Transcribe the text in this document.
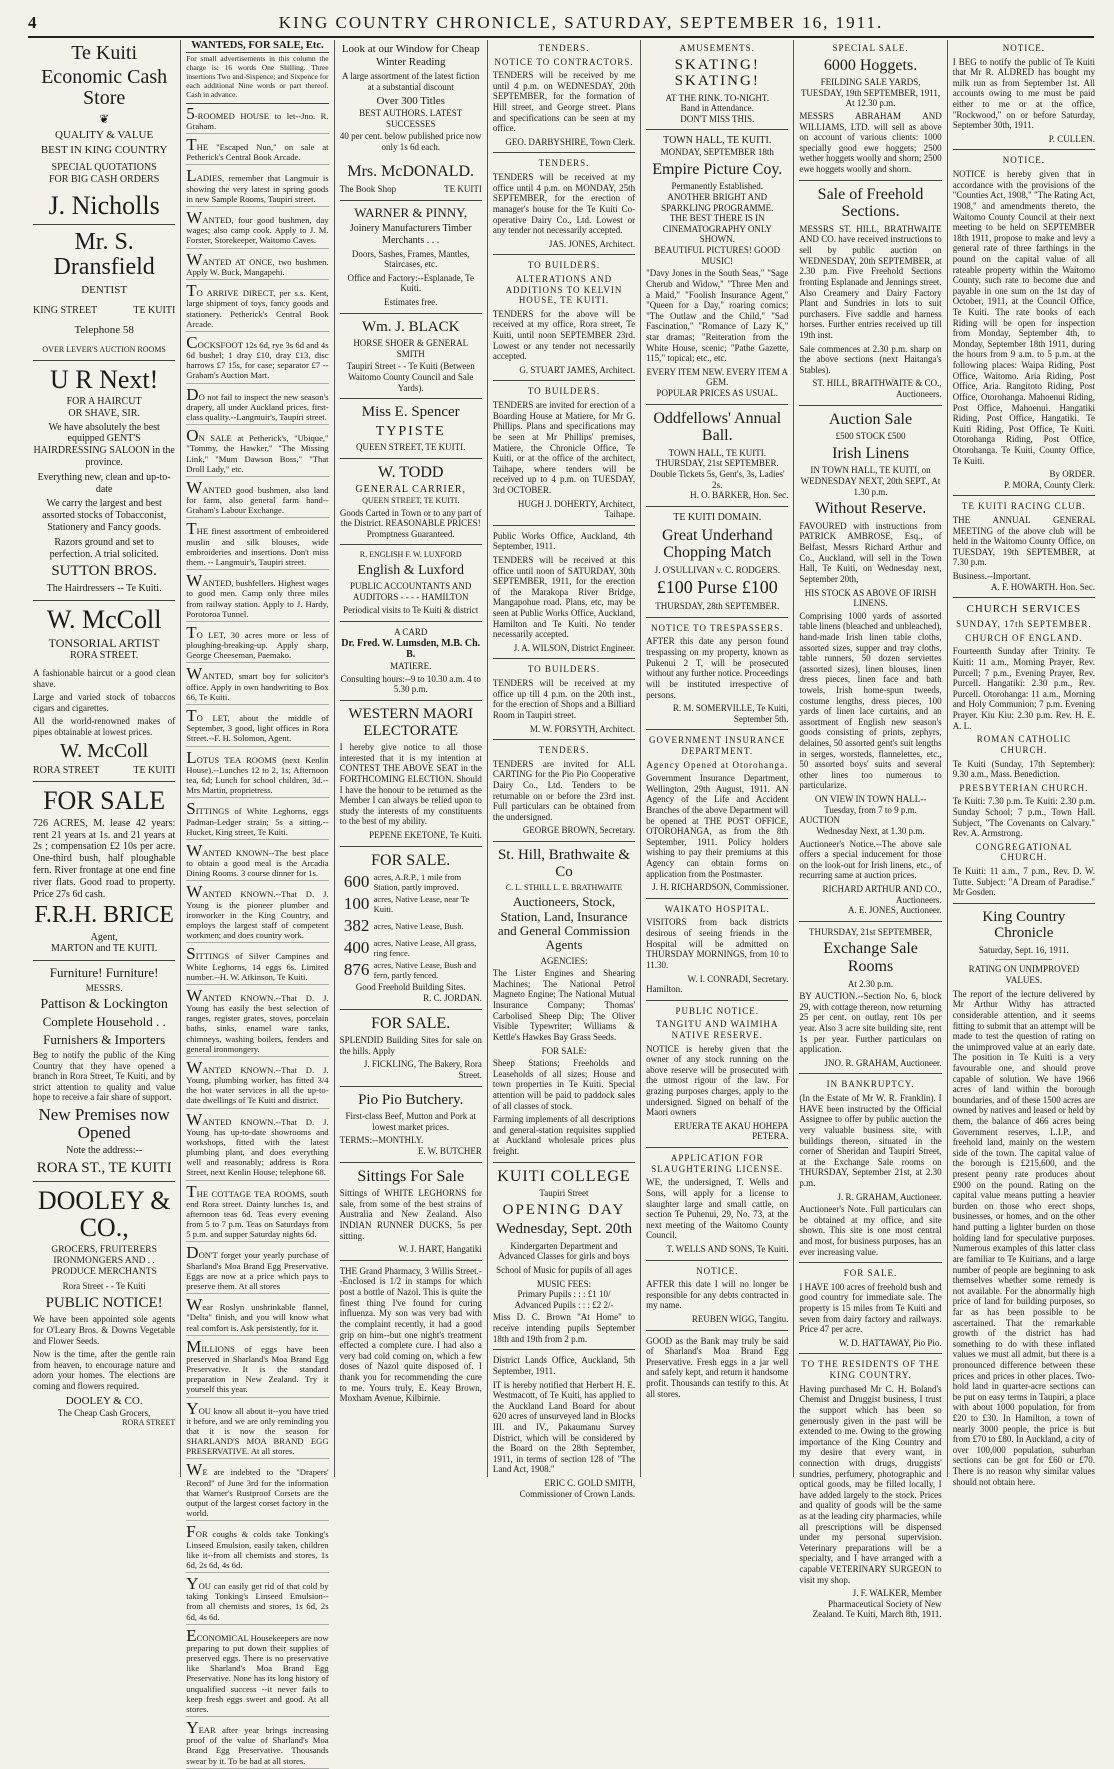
4	KING COUNTRY CHRONICLE, SATURDAY, SEPTEMBER 16, 1911.
Te Kuiti
Economic Cash Store
❦
QUALITY & VALUE
BEST IN KING COUNTRY
SPECIAL QUOTATIONS
FOR BIG CASH ORDERS
J. Nicholls
Mr. S. Dransfield
DENTIST
KING STREET	TE KUITI
Telephone 58
OVER LEVER'S AUCTION ROOMS
U R Next!
FOR A HAIRCUT
OR SHAVE, SIR.

We have absolutely the best equipped GENT'S HAIRDRESSING SALOON in the province.

Everything new, clean and up-to-date

We carry the largest and best assorted stocks of Tobacconist, Stationery and Fancy goods.

Razors ground and set to perfection. A trial solicited.

SUTTON BROS.
The Hairdressers -- Te Kuiti.
W. McColl
TONSORIAL ARTIST
RORA STREET.

A fashionable haircut or a good clean shave.

Large and varied stock of tobaccos cigars and cigarettes.

All the world-renowned makes of pipes obtainable at lowest prices.

W. McColl
RORA STREET	TE KUITI
FOR SALE

726 ACRES, M. lease 42 years: rent 21 years at 1s. and 21 years at 2s ; compensation £2 10s per acre. One-third bush, half ploughable fern. River frontage at one end fine river flats. Good road to property. Price 27s 6d cash.

F.R.H. BRICE
Agent,
MARTON and TE KUITI.
Furniture! Furniture!
MESSRS.
Pattison & Lockington
Complete Household . .
Furnishers & Importers

Beg to notify the public of the King Country that they have opened a branch in Rora Street, Te Kuiti, and by strict attention to quality and value hope to receive a fair share of support.

New Premises now Opened
Note the address:--
RORA ST., TE KUITI
DOOLEY & CO.,
GROCERS, FRUITERERS IRONMONGERS AND . . PRODUCE MERCHANTS
Rora Street - - Te Kuiti
PUBLIC NOTICE!

We have been appointed sole agents for O'Leary Bros. & Downs Vegetable and Flower Seeds.

Now is the time, after the gentle rain from heaven, to encourage nature and adorn your homes. The elections are coming and flowers required.

DOOLEY & CO.
The Cheap Cash Grocers,
RORA STREET
WANTEDS, FOR SALE, Etc.

For small advertisements in this column the charge is: 16 words One Shilling. Three insertions Two and-Sixpence; and Sixpence for each additional Nine words or part thereof. Cash in advance.

5-ROOMED HOUSE to let--Jno. R. Graham.

THE "Escaped Nun," on sale at Petherick's Central Book Arcade.

LADIES, remember that Langmuir is showing the very latest in spring goods in new Sample Rooms, Taupiri street.

WANTED, four good bushmen, day wages; also camp cook. Apply to J. M. Forster, Storekeeper, Waitomo Caves.

WANTED AT ONCE, two bushmen. Apply W. Buck, Mangapehi.

TO ARRIVE DIRECT, per s.s. Kent, large shipment of toys, fancy goods and stationery. Petherick's Central Book Arcade.

COCKSFOOT 12s 6d, rye 3s 6d and 4s 6d bushel; 1 dray £10, dray £13, disc harrows £7 15s, for case; separator £7 -- Graham's Auction Mart.

DO not fail to inspect the new season's drapery, all under Auckland prices, first-class quality.--Langmuir's, Taupiri street.

ON SALE at Petherick's, "Ubique," "Tommy, the Hawker," "The Missing Link," "Mum Dawson Boss," "That Droll Lady," etc.

WANTED good bushmen, also land for farm, also general farm hand--Graham's Labour Exchange.

THE finest assortment of embroidered muslin and silk blouses, wide embroideries and insertions. Don't miss them. -- Langmuir's, Taupiri street.

WANTED, bushfellers. Highest wages to good men. Camp only three miles from railway station. Apply to J. Hardy, Porotorоa Tunnel.

TO LET, 30 acres more or less of ploughing-breaking-up. Apply sharp, George Cheeseman, Paemako.

WANTED, smart boy for solicitor's office. Apply in own handwriting to Box 66, Te Kuiti.

TO LET, about the middle of September, 3 good, light offices in Rora Street.--F. H. Solomon, Agent.

LOTUS TEA ROOMS (next Kenlin House).--Lunches 12 to 2, 1s; Afternoon tea, 6d; Lunch for school children, 3d.--Mrs Martin, proprietress.

SITTINGS of White Leghorns, eggs Padman-Ledger strain; 5s a sitting.--Hucket, King street, Te Kuiti.

WANTED KNOWN--The best place to obtain a good meal is the Arcadia Dining Rooms. 3 course dinner for 1s.

WANTED KNOWN.--That D. J. Young is the pioneer plumber and ironworker in the King Country, and employs the largest staff of competent workmen; and does country work.

SITTINGS of Silver Campines and White Leghorns, 14 eggs 6s. Limited number.--H. W. Atkinson, Te Kuiti.

WANTED KNOWN.--That D. J. Young has easily the best selection of ranges, register grates, stoves, porcelain baths, sinks, enamel ware tanks, chimneys, washing boilers, fenders and general ironmongery.

WANTED KNOWN.--That D. J. Young, plumbing worker, has fitted 3/4 the hot water services in all the up-to-date dwellings of Te Kuiti and district.

WANTED KNOWN.--That D. J. Young has up-to-date showrooms and workshops, fitted with the latest plumbing plant, and does everything well and reasonably; address is Rora Street, next Kenlin House; telephone 68.

THE COTTAGE TEA ROOMS, south end Rora street. Dainty lunches 1s, and afternoon teas 6d. Teas every evening from 5 to 7 p.m. Teas on Saturdays from 5 p.m. and supper Saturday nights 6d.

DON'T forget your yearly purchase of Sharland's Moa Brand Egg Preservative. Eggs are now at a price which pays to preserve them. At all stores

Wear Roslyn unshrinkable flannel, "Delta" finish, and you will know what real comfort is. Ask persistently, for it.

MILLIONS of eggs have been preserved in Sharland's Moa Brand Egg Preservative. It is the standard preparation in New Zealand. Try it yourself this year.

YOU know all about it--you have tried it before, and we are only reminding you that it is now the season for SHARLAND'S MOA BRAND EGG PRESERVATIVE. At all stores.

WE are indebted to the "Drapers' Record" of June 3rd for the information that Warner's Rustproof Corsets are the output of the largest corset factory in the world.

FOR coughs & colds take Tonking's Linseed Emulsion, easily taken, children like it--from all chemists and stores, 1s 6d, 2s 6d, 4s 6d.

YOU can easily get rid of that cold by taking Tonking's Linseed Emulsion--from all chemists and stores, 1s 6d, 2s 6d, 4s 6d.

ECONOMICAL Housekeepers are now preparing to put down their supplies of preserved eggs. There is no preservative like Sharland's Moa Brand Egg Preservative. None has its long history of unqualified success --it never fails to keep fresh eggs sweet and good. At all stores.

YEAR after year brings increasing proof of the value of Sharland's Moa Brand Egg Preservative. Thousands swear by it. To be had at all stores.

Look at our Window for Cheap Winter Reading

A large assortment of the latest fiction at a substantial discount

Over 300 Titles
BEST AUTHORS. LATEST SUCCESSES

40 per cent. below published price now only 1s 6d each.

Mrs. McDONALD.
The Book Shop	TE KUITI
WARNER & PINNY,
Joinery Manufacturers Timber Merchants . . .

Doors, Sashes, Frames, Mantles, Staircases, etc.

Office and Factory:--Esplanade, Te Kuiti.

Estimates free.
Wm. J. BLACK
HORSE SHOER & GENERAL SMITH

Taupiri Street - - Te Kuiti (Between Waitomo County Council and Sale Yards).

Miss E. Spencer
TYPISTE
QUEEN STREET, TE KUITI.
W. TODD
GENERAL CARRIER,
QUEEN STREET, TE KUITI.

Goods Carted in Town or to any part of the District. REASONABLE PRICES! Promptness Guaranteed.

R. ENGLISH F. W. LUXFORD
English & Luxford
PUBLIC ACCOUNTANTS AND AUDITORS - - - - HAMILTON
Periodical visits to Te Kuiti & district
A CARD
Dr. Fred. W. Lumsden, M.B. Ch. B.
MATIERE.

Consulting hours:--9 to 10.30 a.m. 4 to 5.30 p.m.

WESTERN MAORI ELECTORATE

I hereby give notice to all those interested that it is my intention at CONTEST THE ABOVE SEAT in the FORTHCOMING ELECTION. Should I have the honour to be returned as the Member I can always be relied upon to study the interests of my constituents to the best of my ability.

PEPENE EKETONE, Te Kuiti.
FOR SALE.
600 acres, A.R.P., 1 mile from Station, partly improved.
100 acres, Native Lease, near Te Kuiti.
382 acres, Native Lease, Bush.
400 acres, Native Lease, All grass, ring fence.
876 acres, Native Lease, Bush and fern, partly fenced.
Good Freehold Building Sites.
R. C. JORDAN.
FOR SALE.

SPLENDID Building Sites for sale on the hills. Apply

J. FICKLING, The Bakery, Rora Street.
Pio Pio Butchery.

First-class Beef, Mutton and Pork at lowest market prices.

TERMS:--MONTHLY.
E. W. BUTCHER
Sittings For Sale

Sittings of WHITE LEGHORNS for sale, from some of the best strains of Australia and New Zealand. Also INDIAN RUNNER DUCKS, 5s per sitting.

W. J. HART, Hangatiki

THE Grand Pharmacy, 3 Willis Street.--Enclosed is 1/2 in stamps for which post a bottle of Nazol. This is quite the finest thing I've found for curing influenza. My son was very bad with the complaint recently, it had a good grip on him--but one night's treatment effected a complete cure. I had also a very bad cold coming on, which a few doses of Nazol quite disposed of. I thank you for recommending the cure to me. Yours truly, E. Keay Brown, Moxham Avenue, Kilbirnie.

TENDERS.
NOTICE TO CONTRACTORS.

TENDERS will be received by me until 4 p.m. on WEDNESDAY, 20th SEPTEMBER, for the formation of Hill street, and George street. Plans and specifications can be seen at my office.

GEO. DARBYSHIRE, Town Clerk.
TENDERS.

TENDERS will be received at my office until 4 p.m. on MONDAY, 25th SEPTEMBER, for the erection of manager's house for the Te Kuiti Co-operative Dairy Co., Ltd. Lowest or any tender not necessarily accepted.

JAS. JONES, Architect.
TO BUILDERS.
ALTERATIONS AND ADDITIONS TO KELVIN HOUSE, TE KUITI.

TENDERS for the above will be received at my office, Rora street, Te Kuiti, until noon SEPTEMBER 23rd. Lowest or any tender not necessarily accepted.

G. STUART JAMES, Architect.
TO BUILDERS.

TENDERS are invited for erection of a Boarding House at Matiere, for Mr G. Phillips. Plans and specifications may be seen at Mr Phillips' premises, Matiere, the Chronicle Office, Te Kuiti, or at the office of the architect, Taihape, where tenders will be received up to 4 p.m. on TUESDAY, 3rd OCTOBER.

HUGH J. DOHERTY, Architect, Taihape.

Public Works Office, Auckland, 4th September, 1911.

TENDERS will be received at this office until noon of SATURDAY, 30th SEPTEMBER, 1911, for the erection of the Marakopa River Bridge, Mangapohue road. Plans, etc, may be seen at Public Works Office, Auckland, Hamilton and Te Kuiti. No tender necessarily accepted.

J. A. WILSON, District Engineer.
TO BUILDERS.

TENDERS will be received at my office up till 4 p.m. on the 20th inst., for the erection of Shops and a Billiard Room in Taupiri street.

M. W. FORSYTH, Architect.
TENDERS.

TENDERS are invited for ALL CARTING for the Pio Pio Cooperative Dairy Co., Ltd. Tenders to be returnable on or before the 23rd inst. Full particulars can be obtained from the undersigned.

GEORGE BROWN, Secretary.
St. Hill, Brathwaite & Co
C. L. STHILL L. E. BRATHWAITE
Auctioneers, Stock, Station, Land, Insurance and General Commission Agents
AGENCIES:

The Lister Engines and Shearing Machines; The National Petrol Magneto Engine; The National Mutual Insurance Company; Thomas' Carbolised Sheep Dip; The Oliver Visible Typewriter; Williams & Kettle's Hawkes Bay Grass Seeds.

FOR SALE:

Sheep Stations; Freeholds and Leaseholds of all sizes; House and town properties in Te Kuiti. Special attention will be paid to paddock sales of all classes of stock.

Farming implements of all descriptions and general-station requisites supplied at Auckland wholesale prices plus freight.

KUITI COLLEGE
Taupiri Street
OPENING DAY
Wednesday, Sept. 20th

Kindergarten Department and Advanced Classes for girls and boys

School of Music for pupils of all ages

MUSIC FEES:
Primary Pupils : : : £1 10/
Advanced Pupils : : : £2 2/-

Miss D. C. Brown "At Home" to receive intending pupils September 18th and 19th from 2 p.m.

District Lands Office, Auckland, 5th September, 1911.

IT is hereby notified that Herbert H. E. Westmacott, of Te Kuiti, has applied to the Auckland Land Board for about 620 acres of unsurveyed land in Blocks III. and IV., Pakaumanu Survey District, which will be considered by the Board on the 28th September, 1911, in terms of section 128 of "The Land Act, 1908."

ERIC C. GOLD SMITH, Commissioner of Crown Lands.
AMUSEMENTS.
SKATING! SKATING!
AT THE RINK. TO-NIGHT.
Band in Attendance.
DON'T MISS THIS.
TOWN HALL, TE KUITI.
MONDAY, SEPTEMBER 18th
Empire Picture Coy.
Permanently Established.
ANOTHER BRIGHT AND SPARKLING PROGRAMME.
THE BEST THERE IS IN CINEMATOGRAPHY ONLY SHOWN.
BEAUTIFUL PICTURES! GOOD MUSIC!

"Davy Jones in the South Seas," "Sage Cherub and Widow," "Three Men and a Maid," "Foolish Insurance Agent," "Queen for a Day," roaring comics; "The Outlaw and the Child," "Sad Fascination," "Romance of Lazy K," star dramas; "Reiteration from the White House, scenic; "Pathe Gazette, 115," topical; etc., etc.

EVERY ITEM NEW. EVERY ITEM A GEM.
POPULAR PRICES AS USUAL.
Oddfellows' Annual Ball.
TOWN HALL, TE KUITI.
THURSDAY, 21st SEPTEMBER.
Double Tickets 5s, Gent's, 3s, Ladies' 2s.
H. O. BARKER, Hon. Sec.
TE KUITI DOMAIN.
Great Underhand Chopping Match
J. O'SULLIVAN v. C. RODGERS.
£100 Purse £100
THURSDAY, 28th SEPTEMBER.
NOTICE TO TRESPASSERS.

AFTER this date any person found trespassing on my property, known as Pukenui 2 T, will be prosecuted without any further notice. Proceedings will be instituted irrespective of persons.

R. M. SOMERVILLE, Te Kuiti, September 5th.
GOVERNMENT INSURANCE DEPARTMENT.
Agency Opened at Otorohanga.

Government Insurance Department, Wellington, 29th August, 1911. AN Agency of the Life and Accident Branches of the above Department will be opened at THE POST OFFICE, OTOROHANGA, as from the 8th September, 1911. Policy holders wishing to pay their premiums at this Agency can obtain forms on application from the Postmaster.

J. H. RICHARDSON, Commissioner.
WAIKATO HOSPITAL.

VISITORS from back districts desirous of seeing friends in the Hospital will be admitted on THURSDAY MORNINGS, from 10 to 11.30.

W. I. CONRADI, Secretary.
Hamilton.
PUBLIC NOTICE.
TANGITU AND WAIMIHA NATIVE RESERVE.

NOTICE is hereby given that the owner of any stock running on the above reserve will be prosecuted with the utmost rigour of the law. For grazing purposes charges, apply to the undersigned. Signed on behalf of the Maori owners

ERUERA TE AKAU HOHEPA PETERA.
APPLICATION FOR SLAUGHTERING LICENSE.

WE, the undersigned, T. Wells and Sons, will apply for a license to slaughter large and small cattle, on section Te Puhenui, 29, No. 73, at the next meeting of the Waitomo County Council.

T. WELLS AND SONS, Te Kuiti.
NOTICE.

AFTER this date I will no longer be responsible for any debts contracted in my name.

REUBEN WIGG, Tangitu.

GOOD as the Bank may truly be said of Sharland's Moa Brand Egg Preservative. Fresh eggs in a jar well and safely kept, and return it handsome profit. Thousands can testify to this. At all stores.

SPECIAL SALE.
6000 Hoggets.
FEILDING SALE YARDS,
TUESDAY, 19th SEPTEMBER, 1911,
At 12.30 p.m.

MESSRS ABRAHAM AND WILLIAMS, LTD. will sell as above on account of various clients: 1000 specially good ewe hoggets; 2500 wether hoggets woolly and shorn; 2500 ewe hoggets woolly and shorn.

Sale of Freehold Sections.

MESSRS ST. HILL, BRATHWAITE AND CO. have received instructions to sell by public auction on WEDNESDAY, 20th SEPTEMBER, at 2.30 p.m. Five Freehold Sections fronting Esplanade and Jennings street. Also Creamery and Dairy Factory Plant and Sundries in lots to suit purchasers. Five saddle and harness horses. Further entries received up till 19th inst.

Sale commences at 2.30 p.m. sharp on the above sections (next Haitanga's Stables).

ST. HILL, BRAITHWAITE & CO., Auctioneers.
Auction Sale
£500 STOCK £500
Irish Linens
IN TOWN HALL, TE KUITI, on
WEDNESDAY NEXT, 20th SEPT., At 1.30 p.m.
Without Reserve.

FAVOURED with instructions from PATRICK AMBROSE, Esq., of Belfast, Messrs Richard Arthur and Co., Auckland, will sell in the Town Hall, Te Kuiti, on Wednesday next, September 20th,

HIS STOCK AS ABOVE OF IRISH LINENS.

Comprising 1000 yards of assorted table linens (bleached and unbleached), hand-made Irish linen table cloths, assorted sizes, supper and tray cloths, table runners, 50 dozen serviettes (assorted sizes), linen blouses, linen dress pieces, linen face and bath towels, Irish home-spun tweeds, costume lengths, dress pieces, 100 yards of linen lace curtains, and an assortment of English new season's goods consisting of prints, zephyrs, delaines, 50 assorted gent's suit lengths in serges, worsteds, flannelettes, etc., 50 assorted boys' suits and several other lines too numerous to particularize.

ON VIEW IN TOWN HALL-- Tuesday, from 7 to 9 p.m.
AUCTION
Wednesday Next, at 1.30 p.m.

Auctioneer's Notice.--The above sale offers a special inducement for those on the look-out for Irish linens, etc., of recurring same at auction prices.

RICHARD ARTHUR AND CO., Auctioneers.
A. E. JONES, Auctioneer.
THURSDAY, 21st SEPTEMBER,
Exchange Sale Rooms
At 2.30 p.m.

BY AUCTION.--Section No. 6, block 29, with cottage thereon, now returning 25 per cent. on outlay, rent 10s per year. Also 3 acre site building site, rent 1s per year. Further particulars on application.

JNO. R. GRAHAM, Auctioneer.
IN BANKRUPTCY.

(In the Estate of Mr W. R. Franklin). I HAVE been instructed by the Official Assignee to offer by public auction the very valuable business site, with buildings thereon, situated in the corner of Sheridan and Taupiri Street, at the Exchange Sale rooms on THURSDAY, September 21st, at 2.30 p.m.

J. R. GRAHAM, Auctioneer.

Auctioneer's Note. Full particulars can be obtained at my office, and site shown. This site is one most central and most, for business purposes, has an ever increasing value.

FOR SALE.

I HAVE 100 acres of freehold bush and good country for immediate sale. The property is 15 miles from Te Kuiti and seven from dairy factory and railways. Price 47 per acre.

W. D. HATTAWAY, Pio Pio.
TO THE RESIDENTS OF THE KING COUNTRY.

Having purchased Mr C. H. Boland's Chemist and Druggist business, I trust the support which has been so generously given in the past will be extended to me. Owing to the growing importance of the King Country and my desire that every want, in connection with drugs, druggists' sundries, perfumery, photographic and optical goods, may be filled locally, I have added largely to the stock. Prices and quality of goods will be the same as at the leading city pharmacies, while all prescriptions will be dispensed under my personal supervision. Veterinary preparations will be a specialty, and I have arranged with a capable VETERINARY SURGEON to visit my shop.

J. F. WALKER, Member Pharmaceutical Society of New Zealand. Te Kuiti, March 8th, 1911.
NOTICE.

I BEG to notify the public of Te Kuiti that Mr R. ALDRED has bought my milk run as from September 1st. All accounts owing to me must be paid either to me or at the office, "Rockwood," on or before Saturday, September 30th, 1911.

P. CULLEN.
NOTICE.

NOTICE is hereby given that in accordance with the provisions of the "Counties Act, 1908," "The Rating Act, 1908," and amendments thereto, the Waitomo County Council at their next meeting to be held on SEPTEMBER 18th 1911, propose to make and levy a general rate of three farthings in the pound on the capital value of all rateable property within the Waitomo County, such rate to become due and payable in one sum on the 1st day of October, 1911, at the Council Office, Te Kuiti. The rate books of each Riding will be open for inspection from Monday, September 4th, to Monday, September 18th 1911, during the hours from 9 a.m. to 5 p.m. at the following places: Waipa Riding, Post Office, Waitomo. Aria Riding, Post Office, Aria. Rangitoto Riding, Post Office, Otorohanga. Mahoenui Riding, Post Office, Mahoenui. Hangatiki Riding, Post Office, Hangatiki. Te Kuiti Riding, Post Office, Te Kuiti. Otorohanga Riding, Post Office, Otorohanga. Te Kuiti, County Office, Te Kuiti.

By ORDER.
P. MORA, County Clerk.
TE KUITI RACING CLUB.

THE ANNUAL GENERAL MEETING of the above club will be held in the Waitomo County Office, on TUESDAY, 19th SEPTEMBER, at 7.30 p.m.

Business.--Important.
A. F. HOWARTH. Hon. Sec.
CHURCH SERVICES
SUNDAY, 17th SEPTEMBER.
CHURCH OF ENGLAND.

Fourteenth Sunday after Trinity. Te Kuiti: 11 a.m., Morning Prayer, Rev. Purcell; 7 p.m., Evening Prayer, Rev. Purcell. Hangatiki: 2.30 p.m., Rev. Purcell. Otorohanga: 11 a.m., Morning and Holy Communion; 7 p.m. Evening Prayer. Kiu Kiu: 2.30 p.m. Rev. H. E. A. L.

ROMAN CATHOLIC CHURCH.

Te Kuiti (Sunday, 17th September): 9.30 a.m., Mass. Benediction.

PRESBYTERIAN CHURCH.

Te Kuiti: 7.30 p.m. Te Kuiti: 2.30 p.m. Sunday School; 7 p.m., Town Hall. Subject, "The Covenants on Calvary." Rev. A. Armstrong.

CONGREGATIONAL CHURCH.

Te Kuiti: 11 a.m., 7 p.m., Rev. D. W. Tutte. Subject: "A Dream of Paradise." Mr Gosden.

King Country Chronicle
Saturday, Sept. 16, 1911.
RATING ON UNIMPROVED VALUES.

The report of the lecture delivered by Mr Arthur Withy has attracted considerable attention, and it seems fitting to submit that an attempt will be made to test the question of rating on the unimproved value at an early date. The position in Te Kuiti is a very favourable one, and should prove capable of solution. We have 1966 acres of land within the borough boundaries, and of these 1500 acres are owned by natives and leased or held by them, the balance of 466 acres being Government reserves, L.I.P., and freehold land, mainly on the western side of the town. The capital value of the borough is £215,600, and the present penny rate produces about £900 on the pound. Rating on the capital value means putting a heavier burden on those who erect shops, businesses, or homes, and on the other hand putting a lighter burden on those holding land for speculative purposes. Numerous examples of this latter class are familiar to Te Kuitians, and a large number of people are beginning to ask themselves whether some remedy is not available. For the abnormally high price of land for building purposes, so far as has been possible to be ascertained. That the remarkable growth of the district has had something to do with these inflated values we must all admit, but there is a pronounced difference between these prices and prices in other places. Two-hold land in quarter-acre sections can be put on easy terms in Taupiri, a place with about 1000 population, for from £20 to £30. In Hamilton, a town of nearly 3000 people, the price is but from £70 to £80. In Auckland, a city of over 100,000 population, suburban sections can be got for £60 or £70. There is no reason why similar values should not obtain here.
